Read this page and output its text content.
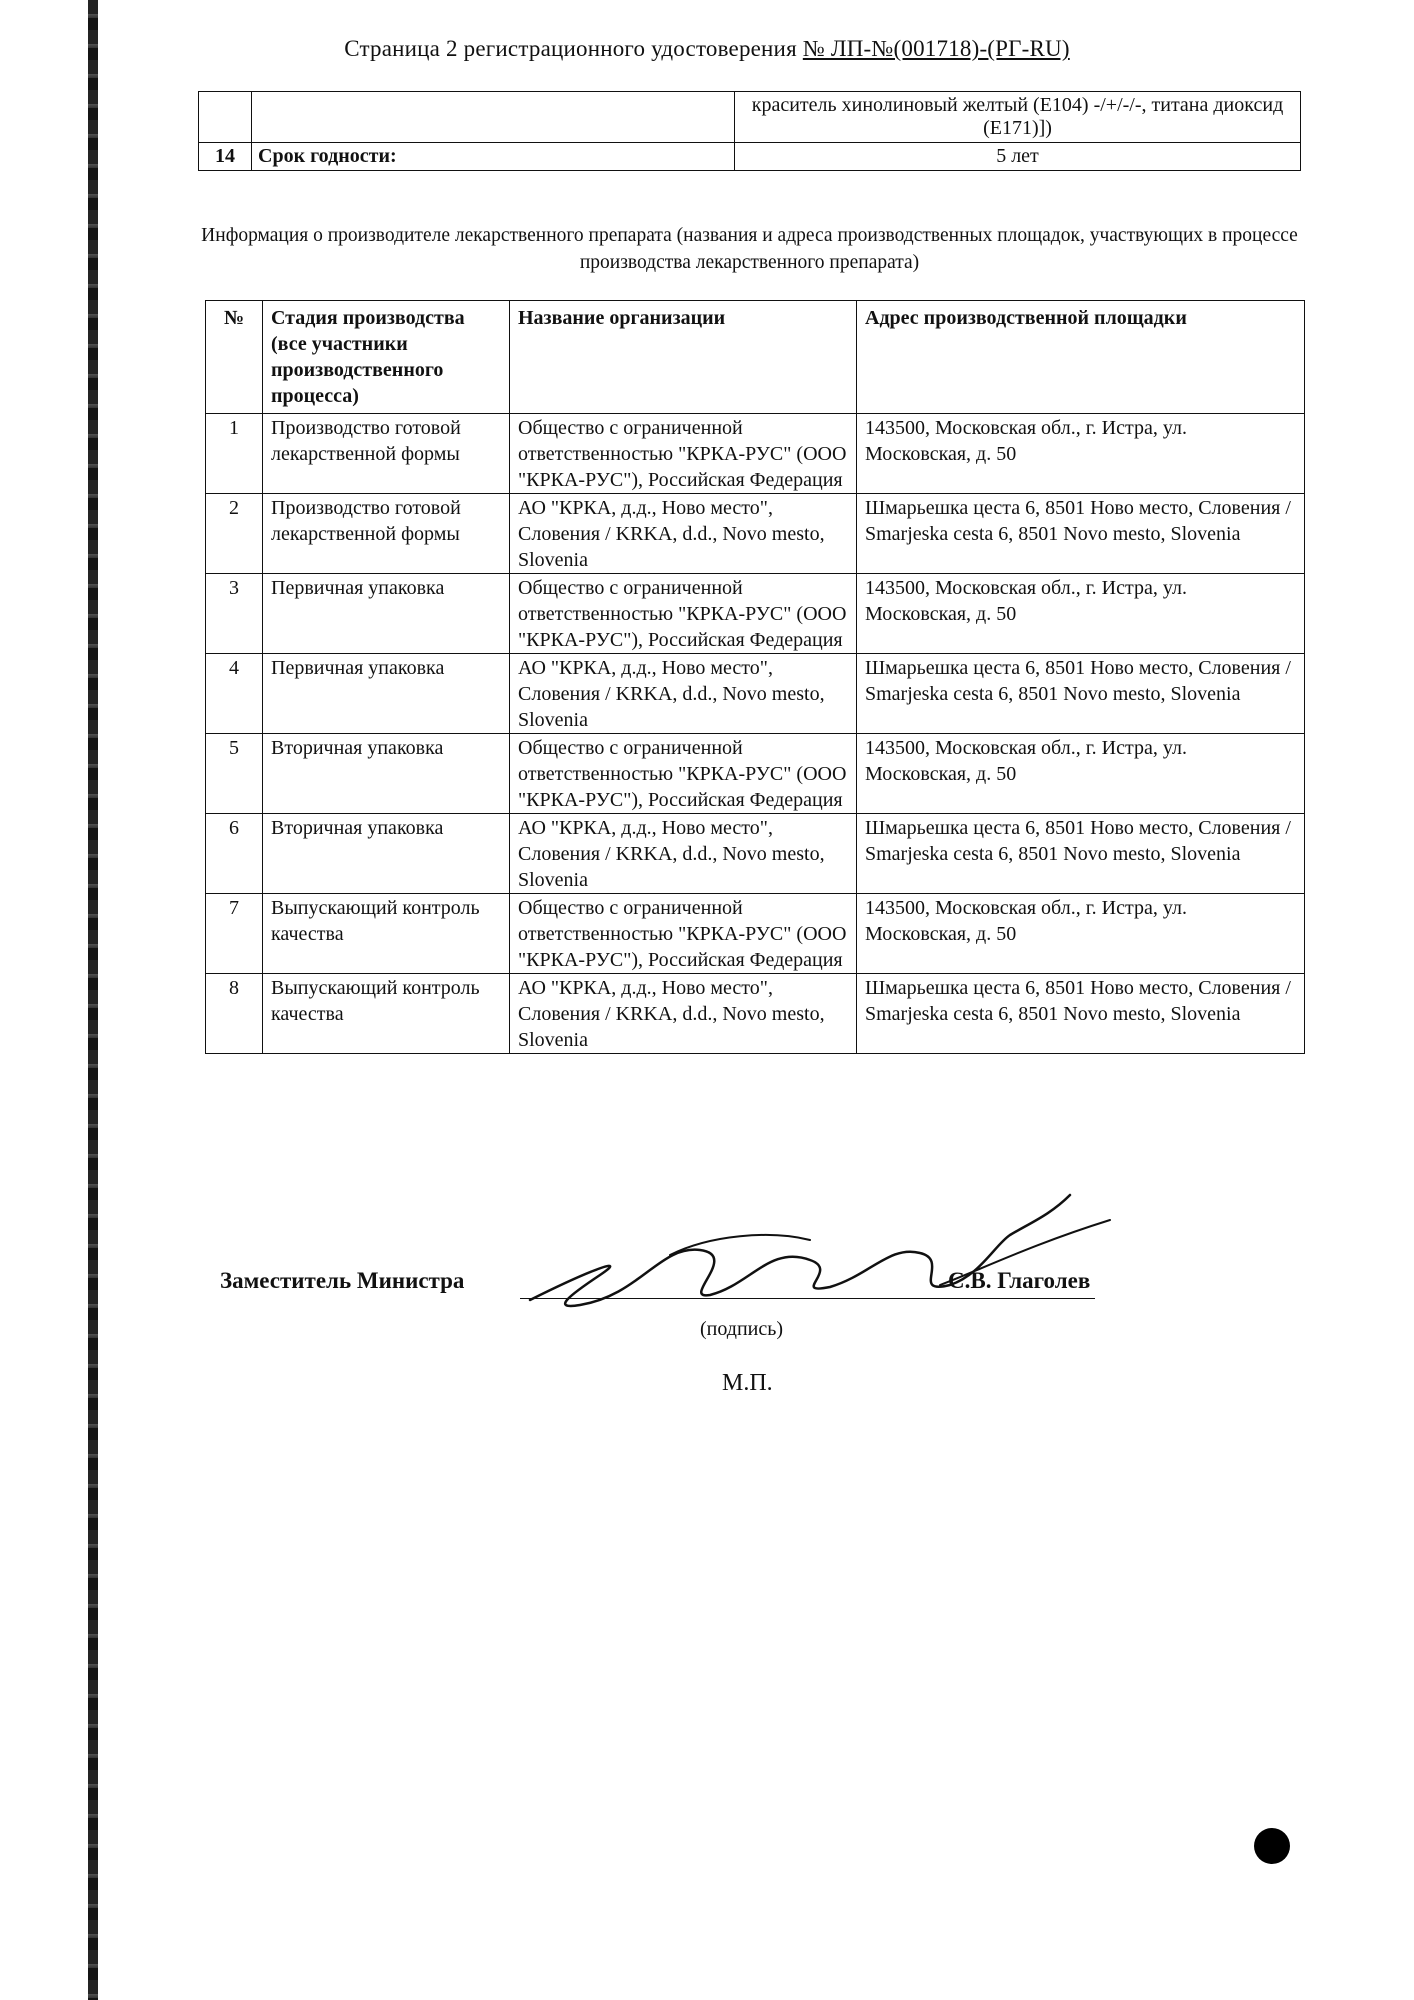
Страница 2 регистрационного удостоверения № ЛП-№(001718)-(РГ-RU)
		краситель хинолиновый желтый (E104) -/+/-/-, титана диоксид (E171)])
14	Срок годности:	5 лет
Информация о производителе лекарственного препарата (названия и адреса производственных площадок, участвующих в процессе производства лекарственного препарата)
№	Стадия производства (все участники производственного процесса)	Название организации	Адрес производственной площадки
1	Производство готовой лекарственной формы	Общество с ограниченной ответственностью "КРКА-РУС" (ООО "КРКА-РУС"), Российская Федерация	143500, Московская обл., г. Истра, ул. Московская, д. 50
2	Производство готовой лекарственной формы	АО "КРКА, д.д., Ново место", Словения / KRKA, d.d., Novo mesto, Slovenia	Шмарьешка цеста 6, 8501 Ново место, Словения / Smarjeska cesta 6, 8501 Novo mesto, Slovenia
3	Первичная упаковка	Общество с ограниченной ответственностью "КРКА-РУС" (ООО "КРКА-РУС"), Российская Федерация	143500, Московская обл., г. Истра, ул. Московская, д. 50
4	Первичная упаковка	АО "КРКА, д.д., Ново место", Словения / KRKA, d.d., Novo mesto, Slovenia	Шмарьешка цеста 6, 8501 Ново место, Словения / Smarjeska cesta 6, 8501 Novo mesto, Slovenia
5	Вторичная упаковка	Общество с ограниченной ответственностью "КРКА-РУС" (ООО "КРКА-РУС"), Российская Федерация	143500, Московская обл., г. Истра, ул. Московская, д. 50
6	Вторичная упаковка	АО "КРКА, д.д., Ново место", Словения / KRKA, d.d., Novo mesto, Slovenia	Шмарьешка цеста 6, 8501 Ново место, Словения / Smarjeska cesta 6, 8501 Novo mesto, Slovenia
7	Выпускающий контроль качества	Общество с ограниченной ответственностью "КРКА-РУС" (ООО "КРКА-РУС"), Российская Федерация	143500, Московская обл., г. Истра, ул. Московская, д. 50
8	Выпускающий контроль качества	АО "КРКА, д.д., Ново место", Словения / KRKA, d.d., Novo mesto, Slovenia	Шмарьешка цеста 6, 8501 Ново место, Словения / Smarjeska cesta 6, 8501 Novo mesto, Slovenia
Заместитель Министра	С.В. Глаголев
(подпись)
М.П.
